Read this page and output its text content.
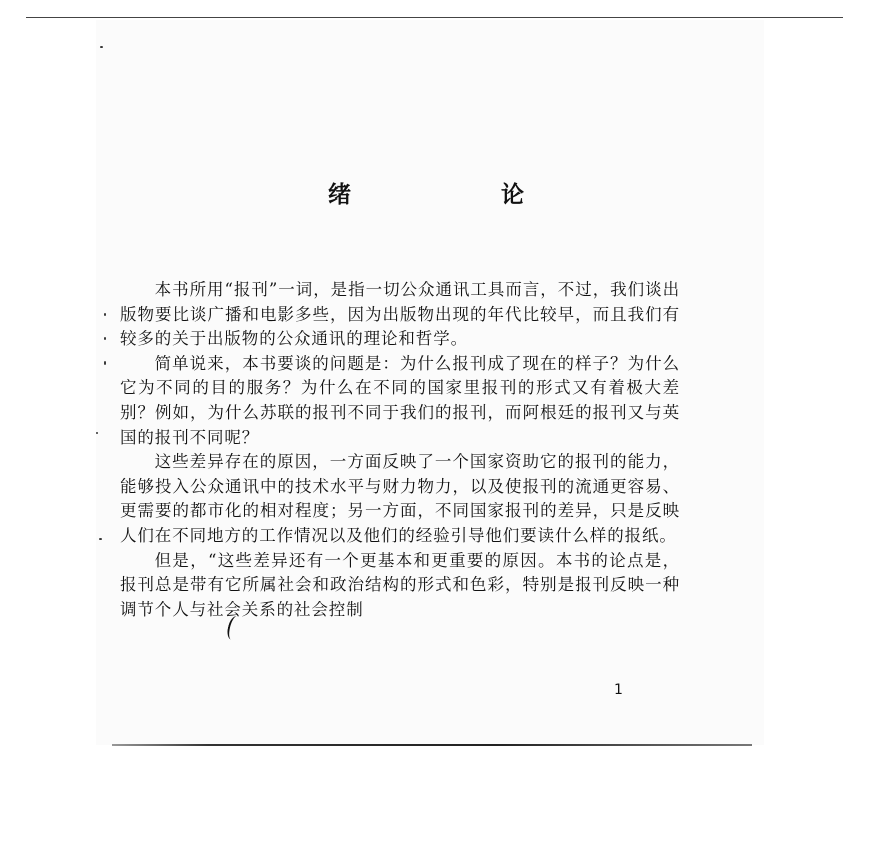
绪 论

本书所用“报刊”一词，是指一切公众通讯工具而言，不过，我们谈出版物要比谈广播和电影多些，因为出版物出现的年代比较早，而且我们有较多的关于出版物的公众通讯的理论和哲学。

简单说来，本书要谈的问题是：为什么报刊成了现在的样子？为什么它为不同的目的服务？为什么在不同的国家里报刊的形式又有着极大差别？例如，为什么苏联的报刊不同于我们的报刊，而阿根廷的报刊又与英国的报刊不同呢？

这些差异存在的原因，一方面反映了一个国家资助它的报刊的能力，能够投入公众通讯中的技术水平与财力物力，以及使报刊的流通更容易、更需要的都市化的相对程度；另一方面，不同国家报刊的差异，只是反映人们在不同地方的工作情况以及他们的经验引导他们要读什么样的报纸。

但是，“这些差异还有一个更基本和更重要的原因。本书的论点是，报刊总是带有它所属社会和政治结构的形式和色彩，特别是报刊反映一种调节个人与社会关系的社会控制

1
